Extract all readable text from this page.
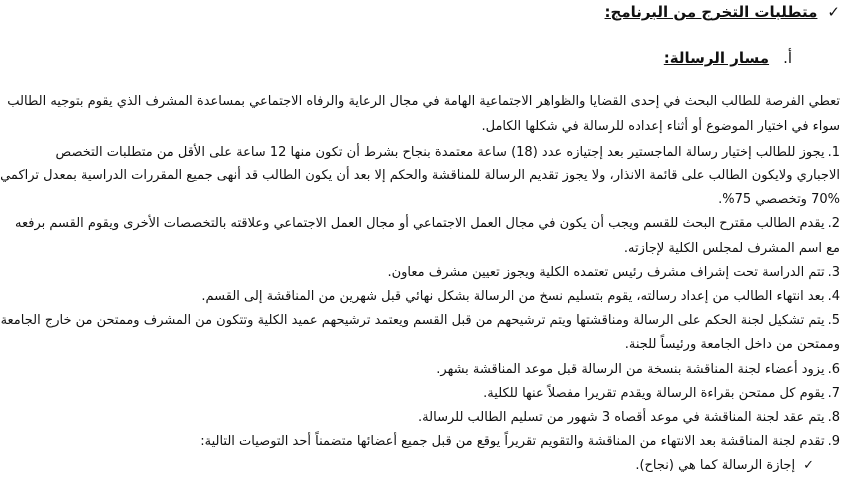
✓متطلبات التخرج من البرنامج:
أ.مسار الرسالة:
تعطي الفرصة للطالب البحث في إحدى القضايا والظواهر الاجتماعية الهامة في مجال الرعاية والرفاه الاجتماعي بمساعدة المشرف الذي يقوم بتوجيه الطالب
سواء في اختيار الموضوع أو أثناء إعداده للرسالة في شكلها الكامل.
1.يجوز للطالب إختيار رسالة الماجستير بعد إجتيازه عدد (18) ساعة معتمدة بنجاح بشرط أن تكون منها 12 ساعة على الأقل من متطلبات التخصص
الاجباري ولايكون الطالب على قائمة الانذار، ولا يجوز تقديم الرسالة للمناقشة والحكم إلا بعد أن يكون الطالب قد أنهى جميع المقررات الدراسية بمعدل تراكمي
70% وتخصصي 75%.
2.يقدم الطالب مقترح البحث للقسم ويجب أن يكون في مجال العمل الاجتماعي أو مجال العمل الاجتماعي وعلاقته بالتخصصات الأخرى ويقوم القسم برفعه
مع اسم المشرف لمجلس الكلية لإجازته.
3.تتم الدراسة تحت إشراف مشرف رئيس تعتمده الكلية ويجوز تعيين مشرف معاون.
4.بعد انتهاء الطالب من إعداد رسالته، يقوم بتسليم نسخ من الرسالة بشكل نهائي قبل شهرين من المناقشة إلى القسم.
5.يتم تشكيل لجنة الحكم على الرسالة ومناقشتها ويتم ترشيحهم من قبل القسم ويعتمد ترشيحهم عميد الكلية وتتكون من المشرف وممتحن من خارج الجامعة
وممتحن من داخل الجامعة ورئيساً للجنة.
6.يزود أعضاء لجنة المناقشة بنسخة من الرسالة قبل موعد المناقشة بشهر.
7.يقوم كل ممتحن بقراءة الرسالة ويقدم تقريرا مفصلاً عنها للكلية.
8.يتم عقد لجنة المناقشة في موعد أقصاه 3 شهور من تسليم الطالب للرسالة.
9.تقدم لجنة المناقشة بعد الانتهاء من المناقشة والتقويم تقريراً يوقع من قبل جميع أعضائها متضمناً أحد التوصيات التالية:
✓إجازة الرسالة كما هي (نجاح).
